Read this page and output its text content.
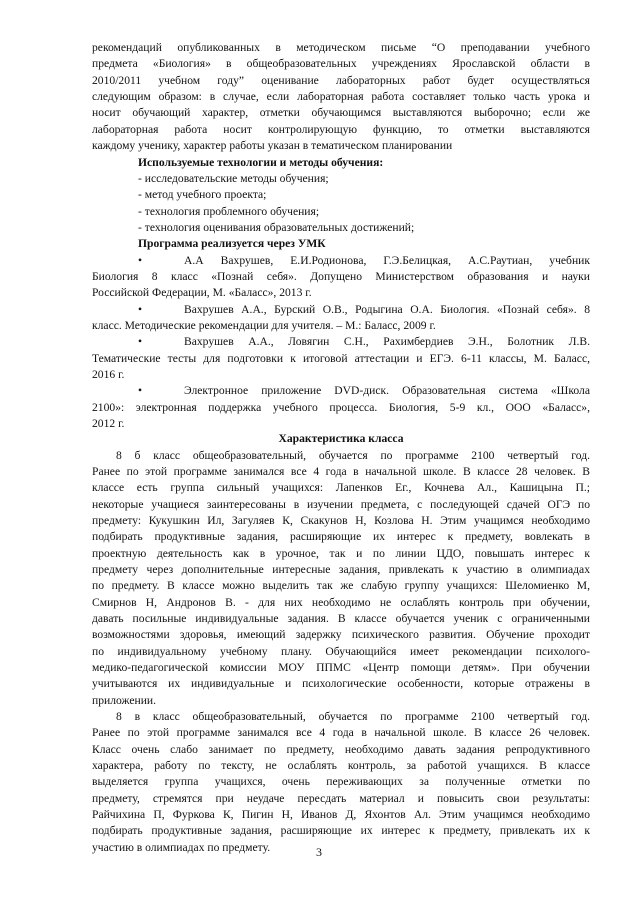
рекомендаций опубликованных в методическом письме “О преподавании учебного
предмета «Биология» в общеобразовательных учреждениях Ярославской области в
2010/2011 учебном году” оценивание лабораторных работ будет осуществляться
следующим образом: в случае, если лабораторная работа составляет только часть урока и
носит обучающий характер, отметки обучающимся выставляются выборочно; если же
лабораторная работа носит контролирующую функцию, то отметки выставляются
каждому ученику, характер работы указан в тематическом планировании
Используемые технологии и методы обучения:
- исследовательские методы обучения;
- метод учебного проекта;
- технология проблемного обучения;
- технология оценивания образовательных достижений;
Программа реализуется через УМК
•	А.А Вахрушев, Е.И.Родионова, Г.Э.Белицкая, А.С.Раутиан, учебник
Биология 8 класс «Познай себя». Допущено Министерством образования и науки
Российской Федерации, М. «Баласс», 2013 г.
•	Вахрушев А.А., Бурский О.В., Родыгина О.А. Биология. «Познай себя». 8
класс. Методические рекомендации для учителя. – М.: Баласс, 2009 г.
•	Вахрушев А.А., Ловягин С.Н., Рахимбердиев Э.Н., Болотник Л.В.
Тематические тесты для подготовки к итоговой аттестации и ЕГЭ. 6-11 классы, М. Баласс,
2016 г.
•	Электронное приложение DVD-диск. Образовательная система «Школа
2100»: электронная поддержка учебного процесса. Биология, 5-9 кл., ООО «Баласс»,
2012 г.
Характеристика класса
8 б класс общеобразовательный, обучается по программе 2100 четвертый год.
Ранее по этой программе занимался все 4 года в начальной школе. В классе 28 человек. В
классе есть группа сильный учащихся: Лапенков Ег., Кочнева Ал., Кашицына П.;
некоторые учащиеся заинтересованы в изучении предмета, с последующей сдачей ОГЭ по
предмету: Кукушкин Ил, Загуляев К, Скакунов Н, Козлова Н. Этим учащимся необходимо
подбирать продуктивные задания, расширяющие их интерес к предмету, вовлекать в
проектную деятельность как в урочное, так и по линии ЦДО, повышать интерес к
предмету через дополнительные интересные задания, привлекать к участию в олимпиадах
по предмету. В классе можно выделить так же слабую группу учащихся: Шеломиенко М,
Смирнов Н, Андронов В. - для них необходимо не ослаблять контроль при обучении,
давать посильные индивидуальные задания. В классе обучается ученик с ограниченными
возможностями здоровья, имеющий задержку психического развития. Обучение проходит
по индивидуальному учебному плану. Обучающийся имеет рекомендации психолого-
медико-педагогической комиссии МОУ ППМС «Центр помощи детям». При обучении
учитываются их индивидуальные и психологические особенности, которые отражены в
приложении.
8 в класс общеобразовательный, обучается по программе 2100 четвертый год.
Ранее по этой программе занимался все 4 года в начальной школе. В классе 26 человек.
Класс очень слабо занимает по предмету, необходимо давать задания репродуктивного
характера, работу по тексту, не ослаблять контроль, за работой учащихся. В классе
выделяется группа учащихся, очень переживающих за полученные отметки по
предмету, стремятся при неудаче пересдать материал и повысить свои результаты:
Райчихина П, Фуркова К, Пигин Н, Иванов Д, Яхонтов Ал. Этим учащимся необходимо
подбирать продуктивные задания, расширяющие их интерес к предмету, привлекать их к
участию в олимпиадах по предмету.	3
